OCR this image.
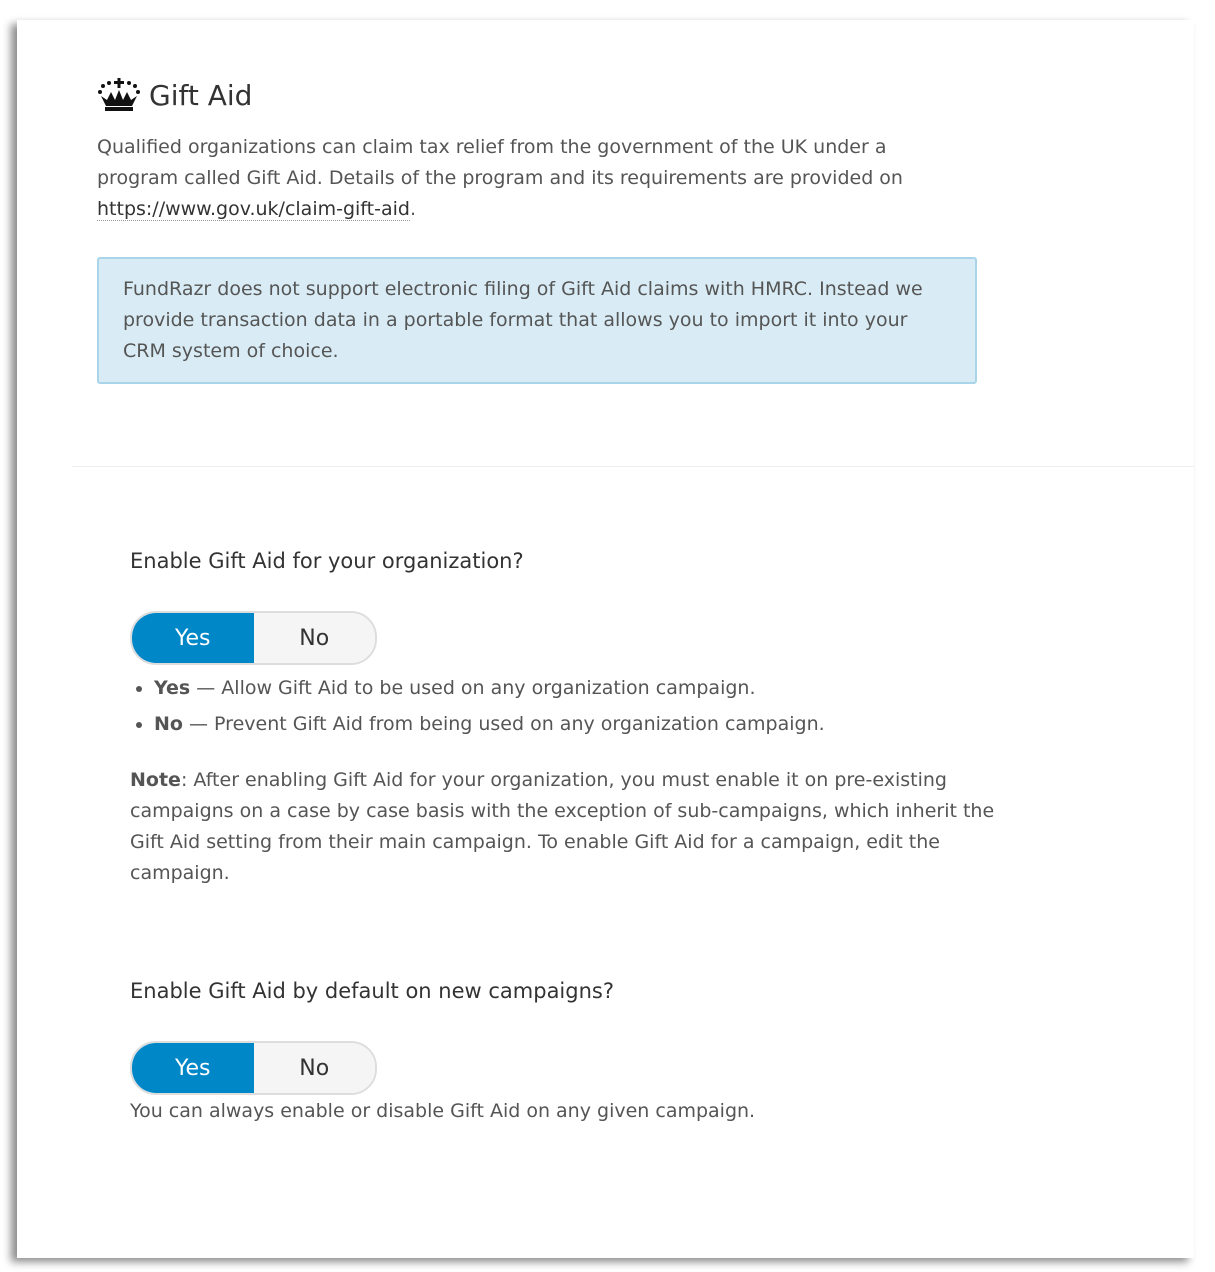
Gift Aid
Qualified organizations can claim tax relief from the government of the UK under a program called Gift Aid. Details of the program and its requirements are provided on https://www.gov.uk/claim-gift-aid.
FundRazr does not support electronic filing of Gift Aid claims with HMRC. Instead we provide transaction data in a portable format that allows you to import it into your CRM system of choice.
Enable Gift Aid for your organization?
Yes	No
• Yes — Allow Gift Aid to be used on any organization campaign.
• No — Prevent Gift Aid from being used on any organization campaign.
Note: After enabling Gift Aid for your organization, you must enable it on pre-existing campaigns on a case by case basis with the exception of sub-campaigns, which inherit the Gift Aid setting from their main campaign. To enable Gift Aid for a campaign, edit the campaign.
Enable Gift Aid by default on new campaigns?
Yes	No
You can always enable or disable Gift Aid on any given campaign.
